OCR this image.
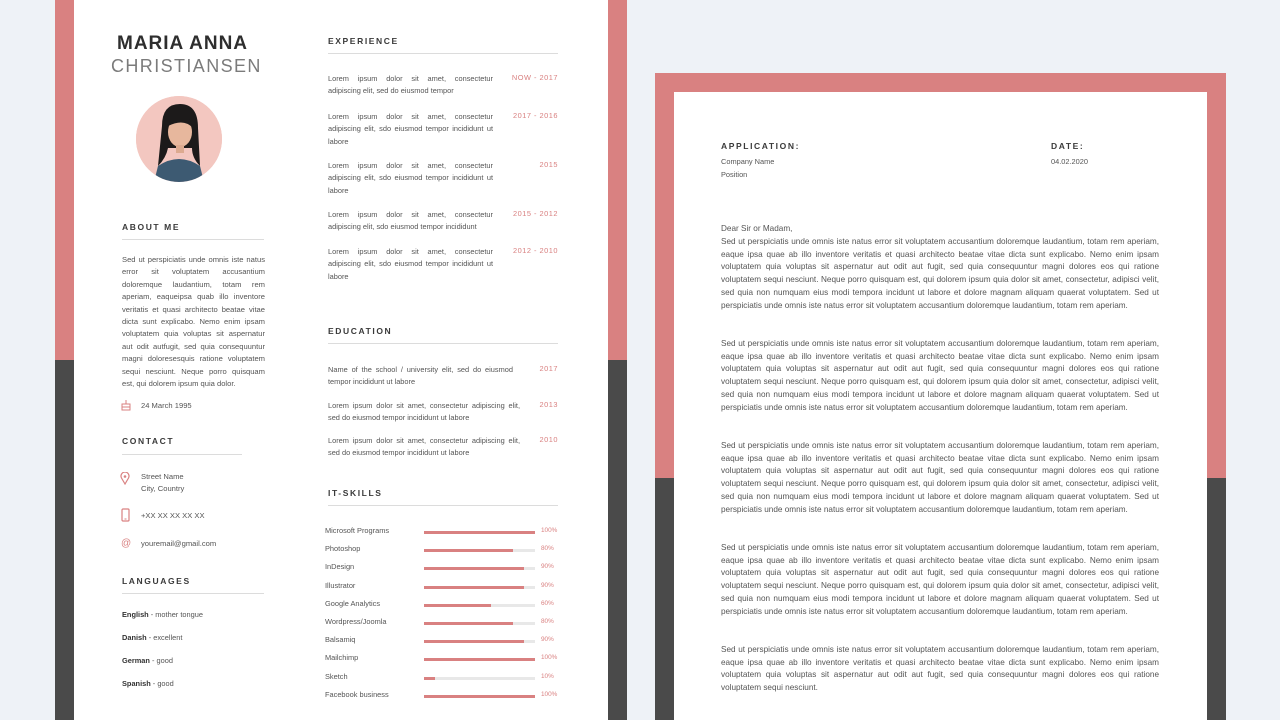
MARIA ANNA
CHRISTIANSEN
ABOUT ME
Sed ut perspiciatis unde omnis iste natus error sit voluptatem accusantium doloremque laudantium, totam rem aperiam, eaqueipsa quab illo inventore veritatis et quasi architecto beatae vitae dicta sunt explicabo. Nemo enim ipsam voluptatem quia voluptas sit aspernatur aut odit autfugit, sed quia consequuntur magni doloresesquis ratione voluptatem sequi nesciunt. Neque porro quisquam est, qui dolorem ipsum quia dolor.
24 March 1995
CONTACT
Street Name
City, Country
+XX XX XX XX XX
@ youremail@gmail.com
LANGUAGES
English - mother tongue
Danish - excellent
German - good
Spanish - good
EXPERIENCE
Lorem ipsum dolor sit amet, consectetur adipiscing elit, sed do eiusmod tempor
NOW - 2017
Lorem ipsum dolor sit amet, consectetur adipiscing elit, sdo eiusmod tempor incididunt ut labore
2017 - 2016
Lorem ipsum dolor sit amet, consectetur adipiscing elit, sdo eiusmod tempor incididunt ut labore
2015
Lorem ipsum dolor sit amet, consectetur adipiscing elit, sdo eiusmod tempor incididunt
2015 - 2012
Lorem ipsum dolor sit amet, consectetur adipiscing elit, sdo eiusmod tempor incididunt ut labore
2012 - 2010
EDUCATION
Name of the school / university elit, sed do eiusmod tempor incididunt ut labore
2017
Lorem ipsum dolor sit amet, consectetur adipiscing elit, sed do eiusmod tempor incididunt ut labore
2013
Lorem ipsum dolor sit amet, consectetur adipiscing elit, sed do eiusmod tempor incididunt ut labore
2010
IT-SKILLS
Microsoft Programs	100%
Photoshop	80%
InDesign	90%
Illustrator	90%
Google Analytics	60%
Wordpress/Joomla	80%
Balsamiq	90%
Mailchimp	100%
Sketch	10%
Facebook business	100%
APPLICATION:
Company Name
Position
DATE:
04.02.2020
Dear Sir or Madam,
Sed ut perspiciatis unde omnis iste natus error sit voluptatem accusantium doloremque laudantium, totam rem aperiam, eaque ipsa quae ab illo inventore veritatis et quasi architecto beatae vitae dicta sunt explicabo. Nemo enim ipsam voluptatem quia voluptas sit aspernatur aut odit aut fugit, sed quia consequuntur magni dolores eos qui ratione voluptatem sequi nesciunt. Neque porro quisquam est, qui dolorem ipsum quia dolor sit amet, consectetur, adipisci velit, sed quia non numquam eius modi tempora incidunt ut labore et dolore magnam aliquam quaerat voluptatem. Sed ut perspiciatis unde omnis iste natus error sit voluptatem accusantium doloremque laudantium, totam rem aperiam.
Sed ut perspiciatis unde omnis iste natus error sit voluptatem accusantium doloremque laudantium, totam rem aperiam, eaque ipsa quae ab illo inventore veritatis et quasi architecto beatae vitae dicta sunt explicabo. Nemo enim ipsam voluptatem quia voluptas sit aspernatur aut odit aut fugit, sed quia consequuntur magni dolores eos qui ratione voluptatem sequi nesciunt. Neque porro quisquam est, qui dolorem ipsum quia dolor sit amet, consectetur, adipisci velit, sed quia non numquam eius modi tempora incidunt ut labore et dolore magnam aliquam quaerat voluptatem. Sed ut perspiciatis unde omnis iste natus error sit voluptatem accusantium doloremque laudantium, totam rem aperiam.
Sed ut perspiciatis unde omnis iste natus error sit voluptatem accusantium doloremque laudantium, totam rem aperiam, eaque ipsa quae ab illo inventore veritatis et quasi architecto beatae vitae dicta sunt explicabo. Nemo enim ipsam voluptatem quia voluptas sit aspernatur aut odit aut fugit, sed quia consequuntur magni dolores eos qui ratione voluptatem sequi nesciunt. Neque porro quisquam est, qui dolorem ipsum quia dolor sit amet, consectetur, adipisci velit, sed quia non numquam eius modi tempora incidunt ut labore et dolore magnam aliquam quaerat voluptatem. Sed ut perspiciatis unde omnis iste natus error sit voluptatem accusantium doloremque laudantium, totam rem aperiam.
Sed ut perspiciatis unde omnis iste natus error sit voluptatem accusantium doloremque laudantium, totam rem aperiam, eaque ipsa quae ab illo inventore veritatis et quasi architecto beatae vitae dicta sunt explicabo. Nemo enim ipsam voluptatem quia voluptas sit aspernatur aut odit aut fugit, sed quia consequuntur magni dolores eos qui ratione voluptatem sequi nesciunt. Neque porro quisquam est, qui dolorem ipsum quia dolor sit amet, consectetur, adipisci velit, sed quia non numquam eius modi tempora incidunt ut labore et dolore magnam aliquam quaerat voluptatem. Sed ut perspiciatis unde omnis iste natus error sit voluptatem accusantium doloremque laudantium, totam rem aperiam.
Sed ut perspiciatis unde omnis iste natus error sit voluptatem accusantium doloremque laudantium, totam rem aperiam, eaque ipsa quae ab illo inventore veritatis et quasi architecto beatae vitae dicta sunt explicabo. Nemo enim ipsam voluptatem quia voluptas sit aspernatur aut odit aut fugit, sed quia consequuntur magni dolores eos qui ratione voluptatem sequi nesciunt.
